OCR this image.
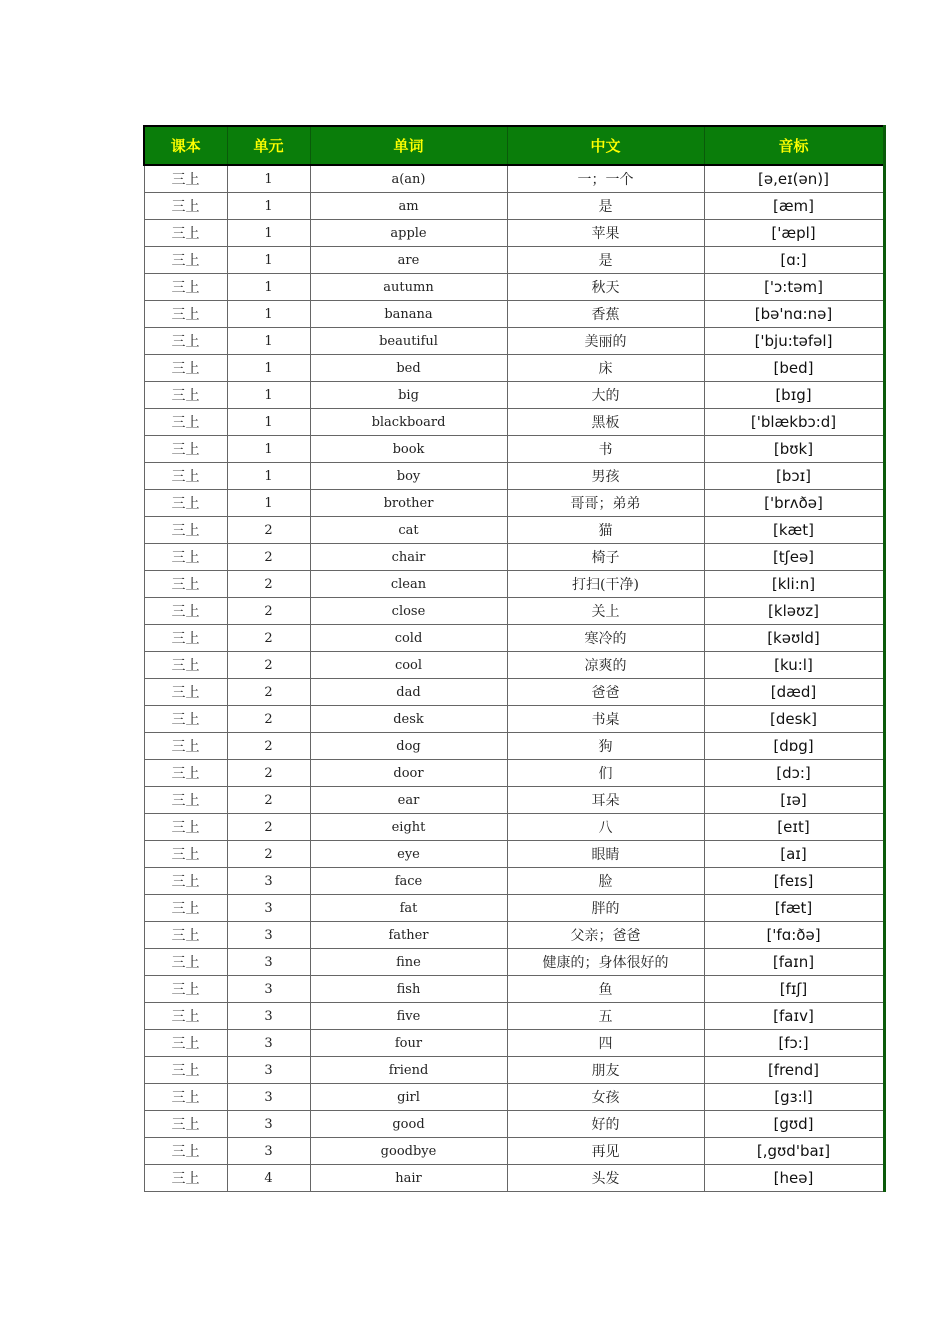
课本	单元	单词	中文	音标
三上	1	a(an)	一；一个	[ə,eɪ(ən)]
三上	1	am	是	[æm]
三上	1	apple	苹果	['æpl]
三上	1	are	是	[ɑ:]
三上	1	autumn	秋天	['ɔ:təm]
三上	1	banana	香蕉	[bə'nɑ:nə]
三上	1	beautiful	美丽的	['bju:təfəl]
三上	1	bed	床	[bed]
三上	1	big	大的	[bɪg]
三上	1	blackboard	黑板	['blækbɔ:d]
三上	1	book	书	[bʊk]
三上	1	boy	男孩	[bɔɪ]
三上	1	brother	哥哥；弟弟	['brʌðə]
三上	2	cat	猫	[kæt]
三上	2	chair	椅子	[tʃeə]
三上	2	clean	打扫(干净)	[kli:n]
三上	2	close	关上	[kləʊz]
三上	2	cold	寒冷的	[kəʊld]
三上	2	cool	凉爽的	[ku:l]
三上	2	dad	爸爸	[dæd]
三上	2	desk	书桌	[desk]
三上	2	dog	狗	[dɒg]
三上	2	door	们	[dɔ:]
三上	2	ear	耳朵	[ɪə]
三上	2	eight	八	[eɪt]
三上	2	eye	眼睛	[aɪ]
三上	3	face	脸	[feɪs]
三上	3	fat	胖的	[fæt]
三上	3	father	父亲；爸爸	['fɑ:ðə]
三上	3	fine	健康的；身体很好的	[faɪn]
三上	3	fish	鱼	[fɪʃ]
三上	3	five	五	[faɪv]
三上	3	four	四	[fɔ:]
三上	3	friend	朋友	[frend]
三上	3	girl	女孩	[gɜ:l]
三上	3	good	好的	[gʊd]
三上	3	goodbye	再见	[,gʊd'baɪ]
三上	4	hair	头发	[heə]
